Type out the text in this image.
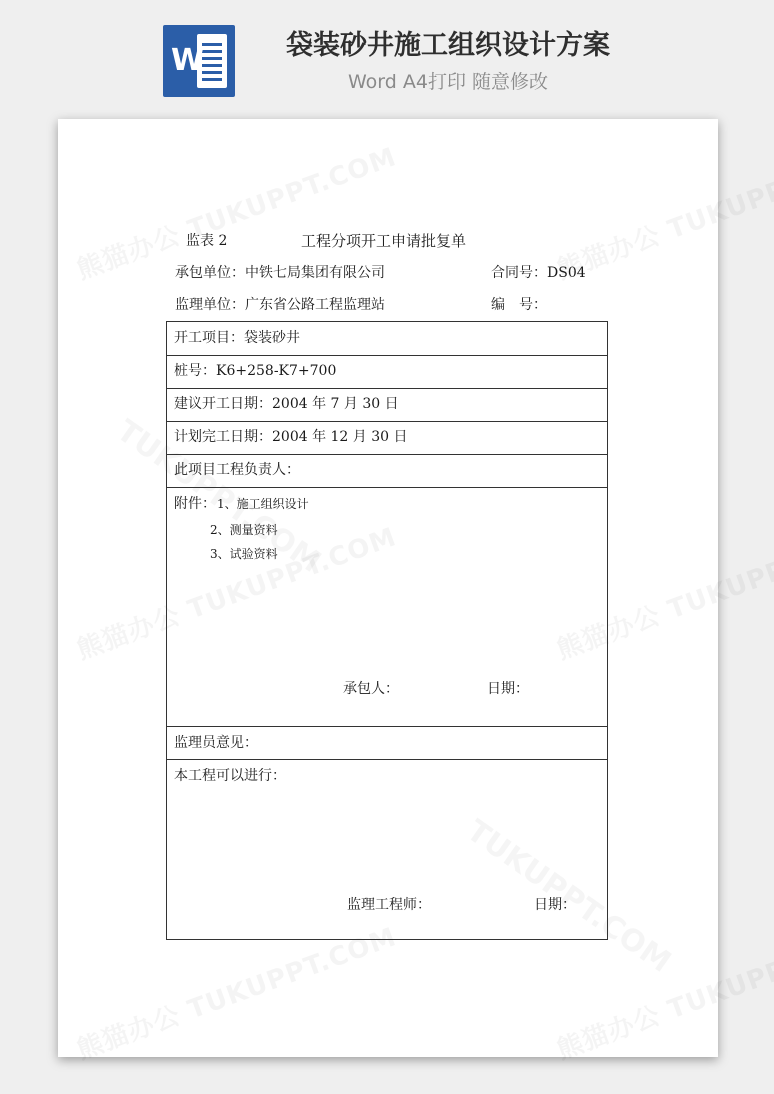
W	袋装砂井施工组织设计方案
Word A4打印 随意修改
监表 2	工程分项开工申请批复单
承包单位：中铁七局集团有限公司	合同号：DS04
监理单位：广东省公路工程监理站	编　号：
开工项目：袋装砂井
桩号：K6+258-K7+700
建议开工日期：2004 年 7 月 30 日
计划完工日期：2004 年 12 月 30 日
此项目工程负责人：
附件： 1、施工组织设计
2、测量资料
3、试验资料
承包人：	日期：
监理员意见：
本工程可以进行：
监理工程师：	日期：
